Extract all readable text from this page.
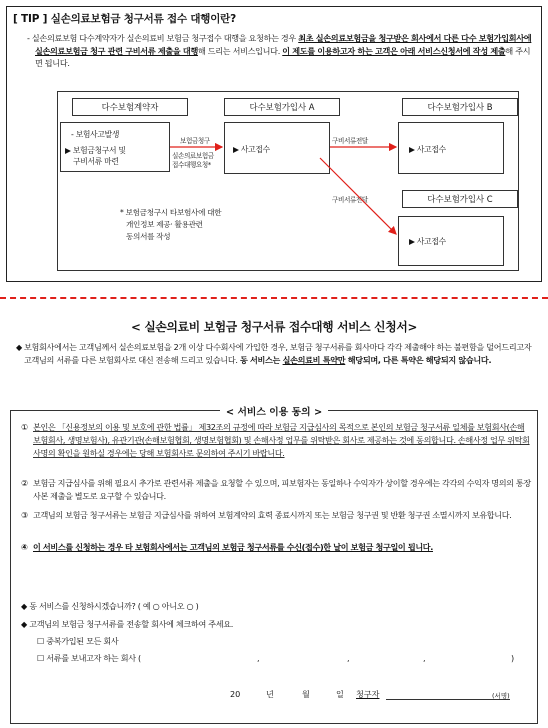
[ TIP ] 실손의료보험금 청구서류 접수 대행이란?
- 실손의료보험 다수계약자가 실손의료비 보험금 청구접수 대행을 요청하는 경우 최초 실손의료보험금을 청구받은 회사에서 다른 다수 보험가입회사에 실손의료보험금 청구 관련 구비서류 제출을 대행해 드리는 서비스입니다. 이 제도를 이용하고자 하는 고객은 아래 서비스신청서에 작성 제출해 주시면 됩니다.
다수보험계약자
- 보험사고발생
▶ 보험금청구서 및
구비서류 마련
보험금청구
실손의료보험금
접수대행요청*
다수보험가입사 A
▶ 사고접수
다수보험가입사 B
▶ 사고접수
다수보험가입사 C
▶ 사고접수
구비서류전달
구비서류전달
* 보험금청구시 타보험사에 대한
개인정보 제공· 활용관련
동의서를 작성
< 실손의료비 보험금 청구서류 접수대행 서비스 신청서>
◆ 보험회사에서는 고객님께서 실손의료보험을 2개 이상 다수회사에 가입한 경우, 보험금 청구서류를 회사마다 각각 제출해야 하는 불편함을 덜어드리고자 고객님의 서류를 다른 보험회사로 대신 전송해 드리고 있습니다. 동 서비스는 실손의료비 특약만 해당되며, 다른 특약은 해당되지 않습니다.
< 서비스 이용 동의 >
① 본인은 「신용정보의 이용 및 보호에 관한 법률」 제32조의 규정에 따라 보험금 지급심사의 목적으로 본인의 보험금 청구서류 일체를 보험회사(손해보험회사, 생명보험사), 유관기관(손해보험협회, 생명보험협회) 및 손해사정 업무를 위탁받은 회사로 제공하는 것에 동의합니다. 손해사정 업무 위탁회사명의 확인을 원하실 경우에는 당해 보험회사로 문의하여 주시기 바랍니다.
② 보험금 지급심사를 위해 필요시 추가로 관련서류 제출을 요청할 수 있으며, 피보험자는 동일하나 수익자가 상이할 경우에는 각각의 수익자 명의의 통장사본 제출을 별도로 요구할 수 있습니다.
③ 고객님의 보험금 청구서류는 보험금 지급심사를 위하여 보험계약의 효력 종료시까지 또는 보험금 청구권 및 반환 청구권 소멸시까지 보유합니다.
④ 이 서비스를 신청하는 경우 타 보험회사에서는 고객님의 보험금 청구서류를 수신(접수)한 날이 보험금 청구일이 됩니다.
◆ 동 서비스를 신청하시겠습니까? ( 예 ○ 아니오 ○ )
◆ 고객님의 보험금 청구서류를 전송할 회사에 체크하여 주세요.
☐ 중복가입된 모든 회사
☐ 서류를 보내고자 하는 회사 (	,	,	,	)
20	년	월	일 청구자	(서명)
